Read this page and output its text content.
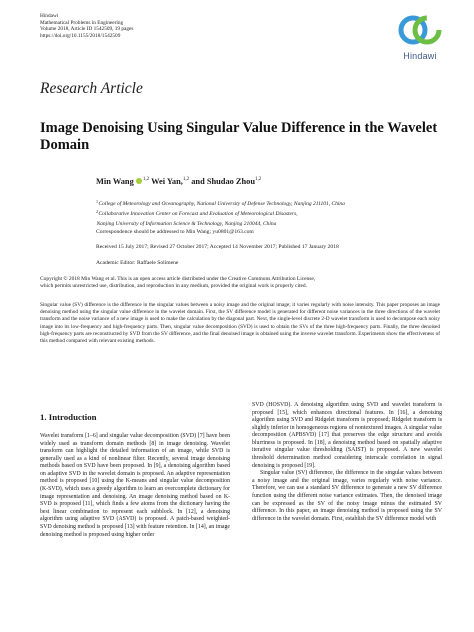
Hindawi
Mathematical Problems in Engineering
Volume 2018, Article ID 1542509, 19 pages
https://doi.org/10.1155/2018/1542509
Hindawi
Research Article
Image Denoising Using Singular Value Difference in the Wavelet Domain
Min Wang $^{1,2}$ Wei Yan,$^{1,2}$ and Shudao Zhou$^{1,2}$
$^1$College of Meteorology and Oceanography, National University of Defense Technology, Nanjing 211101, China
$^2$Collaborative Innovation Center on Forecast and Evaluation of Meteorological Disasters,
Nanjing University of Information Science & Technology, Nanjing 210044, China
Correspondence should be addressed to Min Wang; yu0801@163.com
Received 15 July 2017; Revised 27 October 2017; Accepted 14 November 2017; Published 17 January 2018
Academic Editor: Raffaele Solimene
Copyright © 2018 Min Wang et al. This is an open access article distributed under the Creative Commons Attribution License,
which permits unrestricted use, distribution, and reproduction in any medium, provided the original work is properly cited.
Singular value (SV) difference is the difference in the singular values between a noisy image and the original image; it varies regularly with noise intensity. This paper proposes an image denoising method using the singular value difference in the wavelet domain. First, the SV difference model is generated for different noise variances in the three directions of the wavelet transform and the noise variance of a new image is used to make the calculation by the diagonal part. Next, the single-level discrete 2-D wavelet transform is used to decompose each noisy image into its low-frequency and high-frequency parts. Then, singular value decomposition (SVD) is used to obtain the SVs of the three high-frequency parts. Finally, the three denoised high-frequency parts are reconstructed by SVD from the SV difference, and the final denoised image is obtained using the inverse wavelet transform. Experiments show the effectiveness of this method compared with relevant existing methods.
1. Introduction

Wavelet transform [1–6] and singular value decomposition (SVD) [7] have been widely used as transform domain methods [8] in image denoising. Wavelet transform can highlight the detailed information of an image, while SVD is generally used as a kind of nonlinear filter. Recently, several image denoising methods based on SVD have been proposed. In [9], a denoising algorithm based on adaptive SVD in the wavelet domain is proposed. An adaptive representation method is proposed [10] using the K-means and singular value decomposition (K-SVD), which uses a greedy algorithm to learn an overcomplete dictionary for image representation and denoising. An image denoising method based on K-SVD is proposed [11], which finds a few atoms from the dictionary having the best linear combination to represent each subblock. In [12], a denoising algorithm using adaptive SVD (ASVD) is proposed. A patch-based weighted-SVD denoising method is proposed [13] with feature retention. In [14], an image denoising method is proposed using higher order

SVD (HOSVD). A denoising algorithm using SVD and wavelet transform is proposed [15], which enhances directional features. In [16], a denoising algorithm using SVD and Ridgelet transform is proposed; Ridgelet transform is slightly inferior in homogeneous regions of nontextured images. A singular value decomposition (APBSVD) [17] that preserves the edge structure and avoids blurriness is proposed. In [18], a denoising method based on spatially adaptive iterative singular value thresholding (SAIST) is proposed. A new wavelet threshold determination method considering interscale correlation in signal denoising is proposed [19].

Singular value (SV) difference, the difference in the singular values between a noisy image and the original image, varies regularly with noise variance. Therefore, we can use a standard SV difference to generate a new SV difference function using the different noise variance estimates. Then, the denoised image can be expressed as the SV of the noisy image minus the estimated SV difference. In this paper, an image denoising method is proposed using the SV difference in the wavelet domain. First, establish the SV difference model with
